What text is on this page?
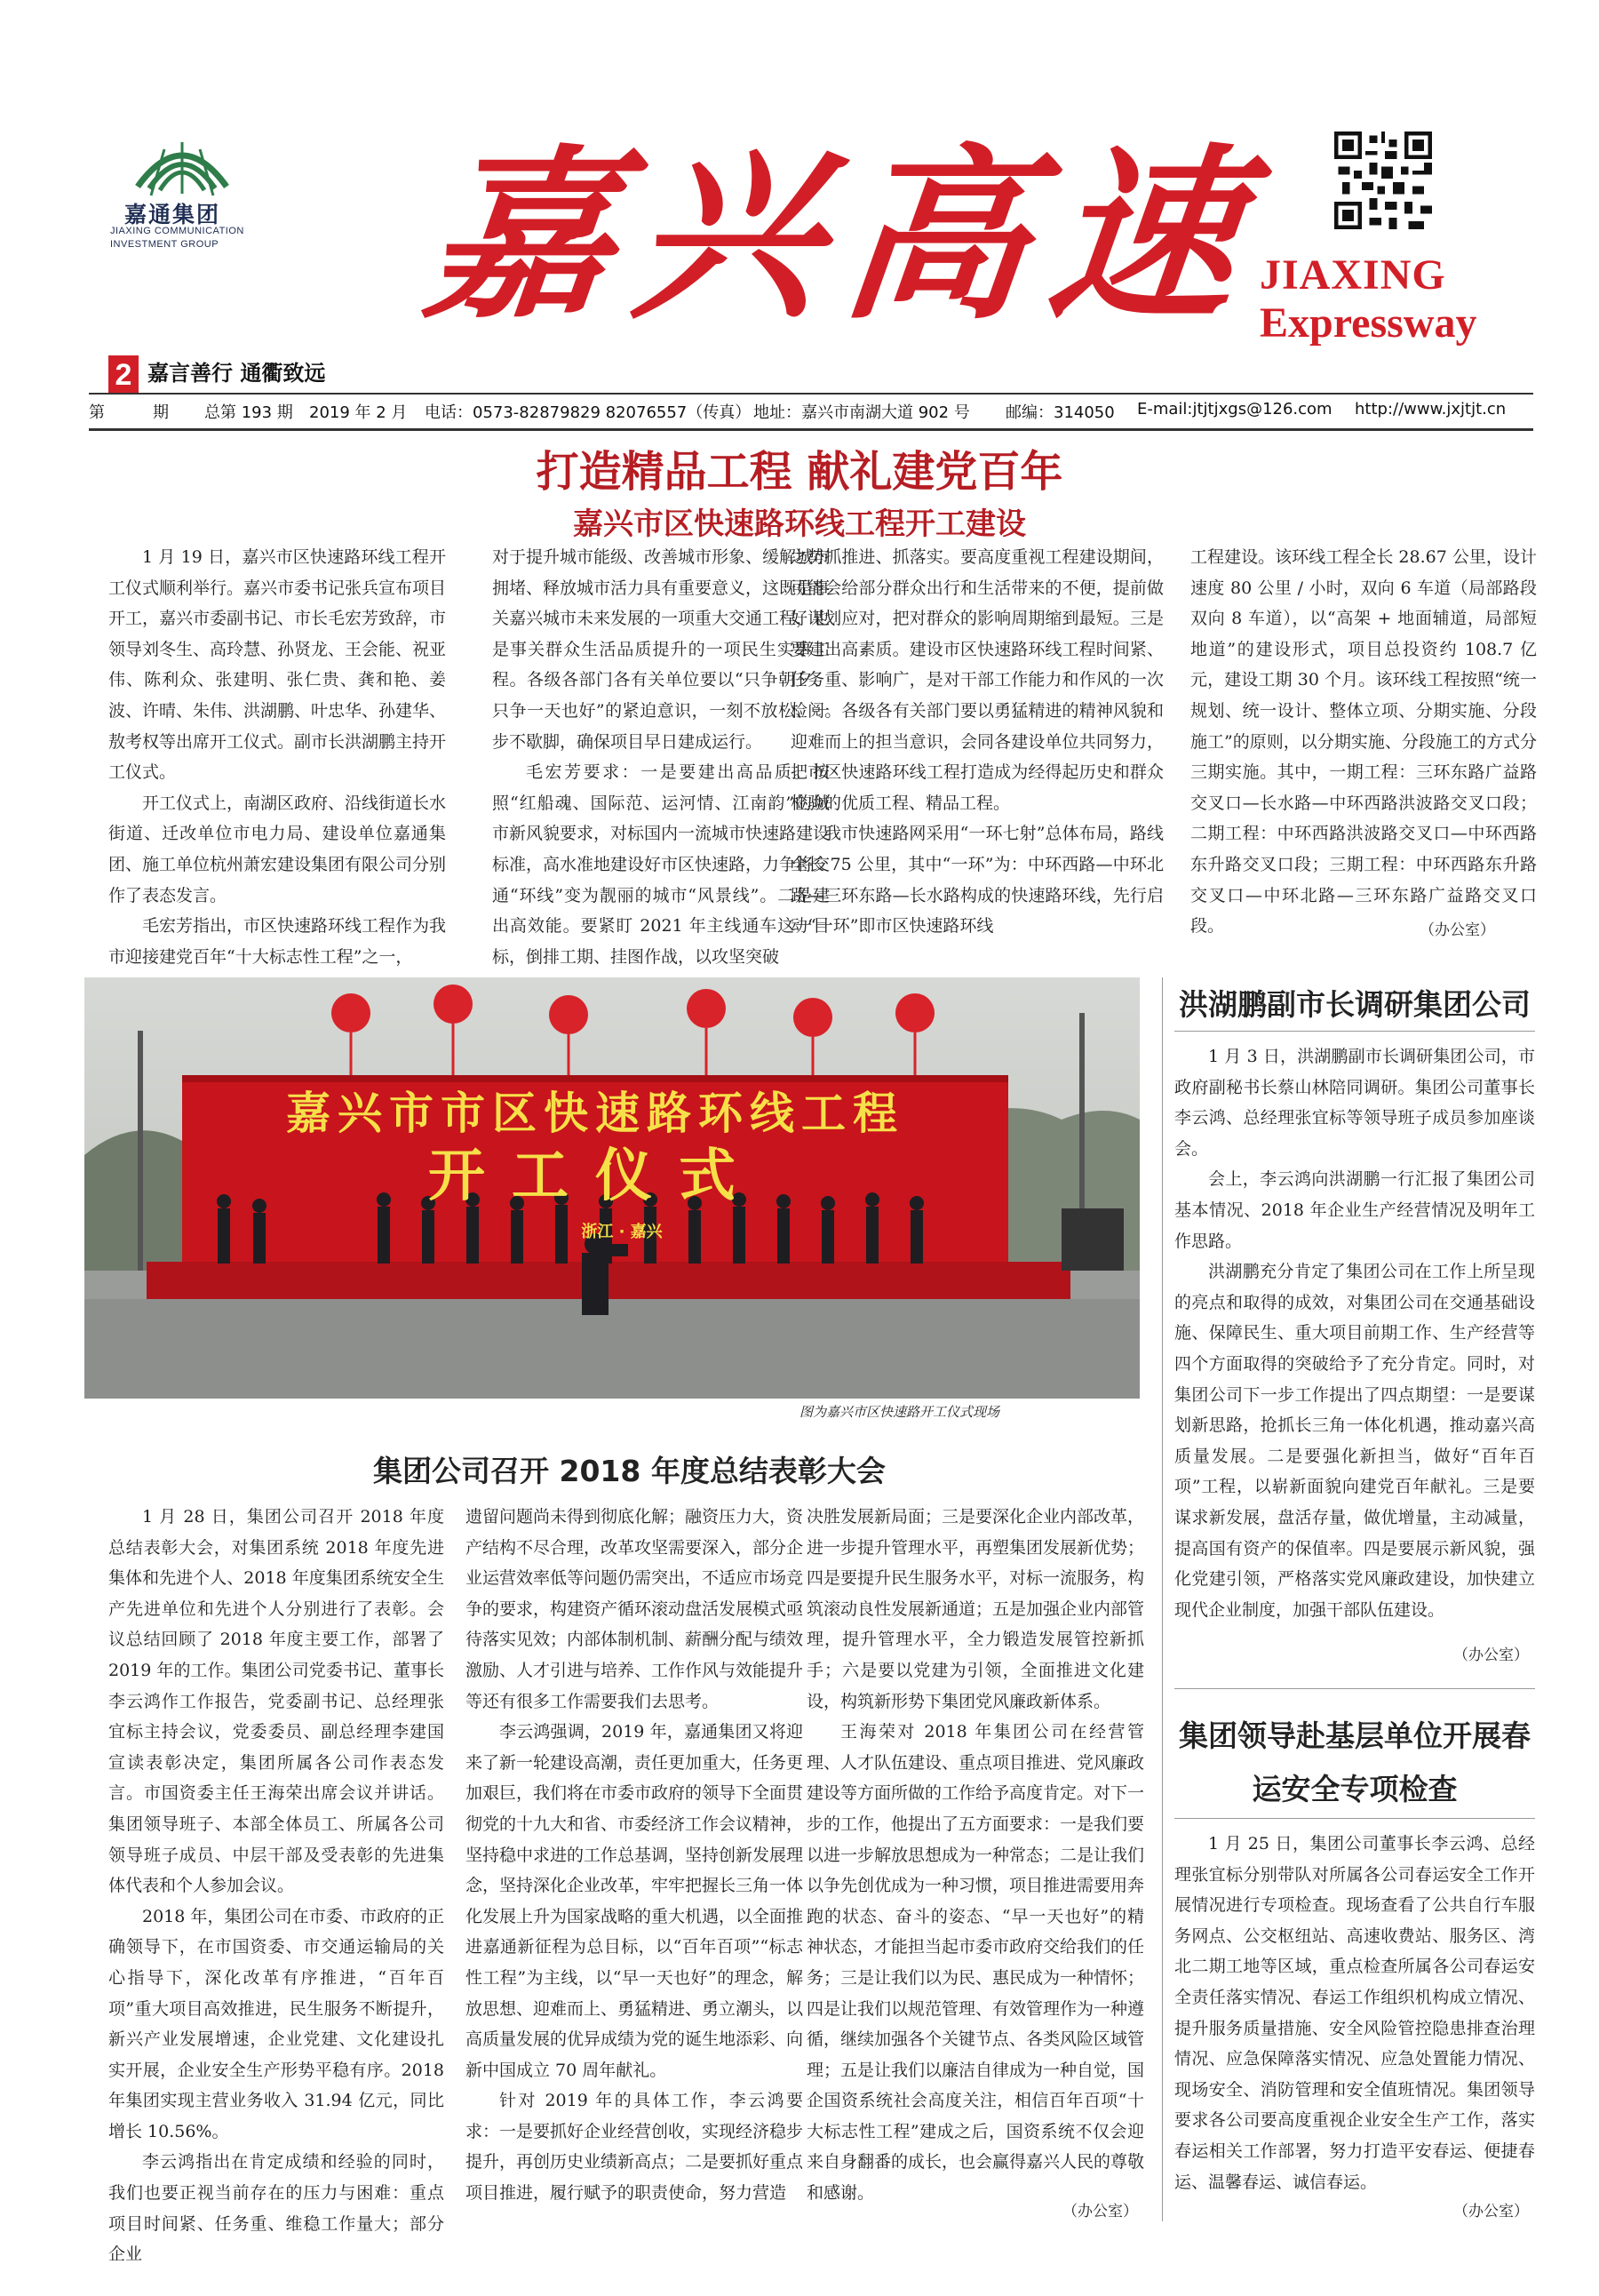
嘉通集团
JIAXING COMMUNICATION
INVESTMENT GROUP 嘉兴高速
JIAXING
Expressway
2 嘉言善行 通衢致远
第	期 总第 193 期 2019 年 2 月 电话：0573-82879829 82076557（传真） 地址：嘉兴市南湖大道 902 号 邮编：314050 E-mail:jtjtjxgs@126.com http://www.jxjtjt.cn
打造精品工程 献礼建党百年
嘉兴市区快速路环线工程开工建设

1 月 19 日，嘉兴市区快速路环线工程开工仪式顺利举行。嘉兴市委书记张兵宣布项目开工，嘉兴市委副书记、市长毛宏芳致辞，市领导刘冬生、高玲慧、孙贤龙、王会能、祝亚伟、陈利众、张建明、张仁贵、龚和艳、姜波、许晴、朱伟、洪湖鹏、叶忠华、孙建华、敖考权等出席开工仪式。副市长洪湖鹏主持开工仪式。

开工仪式上，南湖区政府、沿线街道长水街道、迁改单位市电力局、建设单位嘉通集团、施工单位杭州萧宏建设集团有限公司分别作了表态发言。

毛宏芳指出，市区快速路环线工程作为我市迎接建党百年“十大标志性工程”之一，

对于提升城市能级、改善城市形象、缓解城市拥堵、释放城市活力具有重要意义，这既是事关嘉兴城市未来发展的一项重大交通工程，也是事关群众生活品质提升的一项民生实事工程。各级各部门各有关单位要以“只争朝夕、只争一天也好”的紧迫意识，一刻不放松、一步不歇脚，确保项目早日建成运行。

毛宏芳要求：一是要建出高品质。按照“红船魂、国际范、运河情、江南韵”的城市新风貌要求，对标国内一流城市快速路建设标准，高水准地建设好市区快速路，力争将交通“环线”变为靓丽的城市“风景线”。二是建出高效能。要紧盯 2021 年主线通车这一目标，倒排工期、挂图作战，以攻坚突破

之势抓推进、抓落实。要高度重视工程建设期间，可能会给部分群众出行和生活带来的不便，提前做好谋划应对，把对群众的影响周期缩到最短。三是要建出高素质。建设市区快速路环线工程时间紧、任务重、影响广，是对干部工作能力和作风的一次检阅。各级各有关部门要以勇猛精进的精神风貌和迎难而上的担当意识，会同各建设单位共同努力，把市区快速路环线工程打造成为经得起历史和群众检验的优质工程、精品工程。

我市快速路网采用“一环七射”总体布局，路线全长 75 公里，其中“一环”为：中环西路—中环北路—三环东路—长水路构成的快速路环线，先行启动“一环”即市区快速路环线

工程建设。该环线工程全长 28.67 公里，设计速度 80 公里 / 小时，双向 6 车道（局部路段双向 8 车道），以“高架 + 地面辅道，局部短地道”的建设形式，项目总投资约 108.7 亿元，建设工期 30 个月。该环线工程按照“统一规划、统一设计、整体立项、分期实施、分段施工”的原则，以分期实施、分段施工的方式分三期实施。其中，一期工程：三环东路广益路交叉口—长水路—中环西路洪波路交叉口段；二期工程：中环西路洪波路交叉口—中环西路东升路交叉口段；三期工程：中环西路东升路交叉口—中环北路—三环东路广益路交叉口段。	（办公室）
嘉兴市市区快速路环线工程
开工仪式
浙江 · 嘉兴
图为嘉兴市区快速路开工仪式现场
集团公司召开 2018 年度总结表彰大会

1 月 28 日，集团公司召开 2018 年度总结表彰大会，对集团系统 2018 年度先进集体和先进个人、2018 年度集团系统安全生产先进单位和先进个人分别进行了表彰。会议总结回顾了 2018 年度主要工作，部署了 2019 年的工作。集团公司党委书记、董事长李云鸿作工作报告，党委副书记、总经理张宜标主持会议，党委委员、副总经理李建国宣读表彰决定，集团所属各公司作表态发言。市国资委主任王海荣出席会议并讲话。集团领导班子、本部全体员工、所属各公司领导班子成员、中层干部及受表彰的先进集体代表和个人参加会议。

2018 年，集团公司在市委、市政府的正确领导下，在市国资委、市交通运输局的关心指导下，深化改革有序推进，“百年百项”重大项目高效推进，民生服务不断提升，新兴产业发展增速，企业党建、文化建设扎实开展，企业安全生产形势平稳有序。2018 年集团实现主营业务收入 31.94 亿元，同比增长 10.56%。

李云鸿指出在肯定成绩和经验的同时，我们也要正视当前存在的压力与困难：重点项目时间紧、任务重、维稳工作量大；部分企业

遗留问题尚未得到彻底化解；融资压力大，资产结构不尽合理，改革攻坚需要深入，部分企业运营效率低等问题仍需突出，不适应市场竞争的要求，构建资产循环滚动盘活发展模式亟待落实见效；内部体制机制、薪酬分配与绩效激励、人才引进与培养、工作作风与效能提升等还有很多工作需要我们去思考。

李云鸿强调，2019 年，嘉通集团又将迎来了新一轮建设高潮，责任更加重大，任务更加艰巨，我们将在市委市政府的领导下全面贯彻党的十九大和省、市委经济工作会议精神，坚持稳中求进的工作总基调，坚持创新发展理念，坚持深化企业改革，牢牢把握长三角一体化发展上升为国家战略的重大机遇，以全面推进嘉通新征程为总目标，以“百年百项”“标志性工程”为主线，以“早一天也好”的理念，解放思想、迎难而上、勇猛精进、勇立潮头，以高质量发展的优异成绩为党的诞生地添彩、向新中国成立 70 周年献礼。

针对 2019 年的具体工作，李云鸿要求：一是要抓好企业经营创收，实现经济稳步提升，再创历史业绩新高点；二是要抓好重点项目推进，履行赋予的职责使命，努力营造

决胜发展新局面；三是要深化企业内部改革，进一步提升管理水平，再塑集团发展新优势；四是要提升民生服务水平，对标一流服务，构筑滚动良性发展新通道；五是加强企业内部管理，提升管理水平，全力锻造发展管控新抓手；六是要以党建为引领，全面推进文化建设，构筑新形势下集团党风廉政新体系。

王海荣对 2018 年集团公司在经营管理、人才队伍建设、重点项目推进、党风廉政建设等方面所做的工作给予高度肯定。对下一步的工作，他提出了五方面要求：一是我们要以进一步解放思想成为一种常态；二是让我们以争先创优成为一种习惯，项目推进需要用奔跑的状态、奋斗的姿态、“早一天也好”的精神状态，才能担当起市委市政府交给我们的任务；三是让我们以为民、惠民成为一种情怀；四是让我们以规范管理、有效管理作为一种遵循，继续加强各个关键节点、各类风险区域管理；五是让我们以廉洁自律成为一种自觉，国企国资系统社会高度关注，相信百年百项“十大标志性工程”建成之后，国资系统不仅会迎来自身翻番的成长，也会赢得嘉兴人民的尊敬和感谢。

（办公室）
洪湖鹏副市长调研集团公司

1 月 3 日，洪湖鹏副市长调研集团公司，市政府副秘书长蔡山林陪同调研。集团公司董事长李云鸿、总经理张宜标等领导班子成员参加座谈会。

会上，李云鸿向洪湖鹏一行汇报了集团公司基本情况、2018 年企业生产经营情况及明年工作思路。

洪湖鹏充分肯定了集团公司在工作上所呈现的亮点和取得的成效，对集团公司在交通基础设施、保障民生、重大项目前期工作、生产经营等四个方面取得的突破给予了充分肯定。同时，对集团公司下一步工作提出了四点期望：一是要谋划新思路，抢抓长三角一体化机遇，推动嘉兴高质量发展。二是要强化新担当，做好“百年百项”工程，以崭新面貌向建党百年献礼。三是要谋求新发展，盘活存量，做优增量，主动减量，提高国有资产的保值率。四是要展示新风貌，强化党建引领，严格落实党风廉政建设，加快建立现代企业制度，加强干部队伍建设。

（办公室）
集团领导赴基层单位开展春
运安全专项检查

1 月 25 日，集团公司董事长李云鸿、总经理张宜标分别带队对所属各公司春运安全工作开展情况进行专项检查。现场查看了公共自行车服务网点、公交枢纽站、高速收费站、服务区、湾北二期工地等区域，重点检查所属各公司春运安全责任落实情况、春运工作组织机构成立情况、提升服务质量措施、安全风险管控隐患排查治理情况、应急保障落实情况、应急处置能力情况、现场安全、消防管理和安全值班情况。集团领导要求各公司要高度重视企业安全生产工作，落实春运相关工作部署，努力打造平安春运、便捷春运、温馨春运、诚信春运。

（办公室）
